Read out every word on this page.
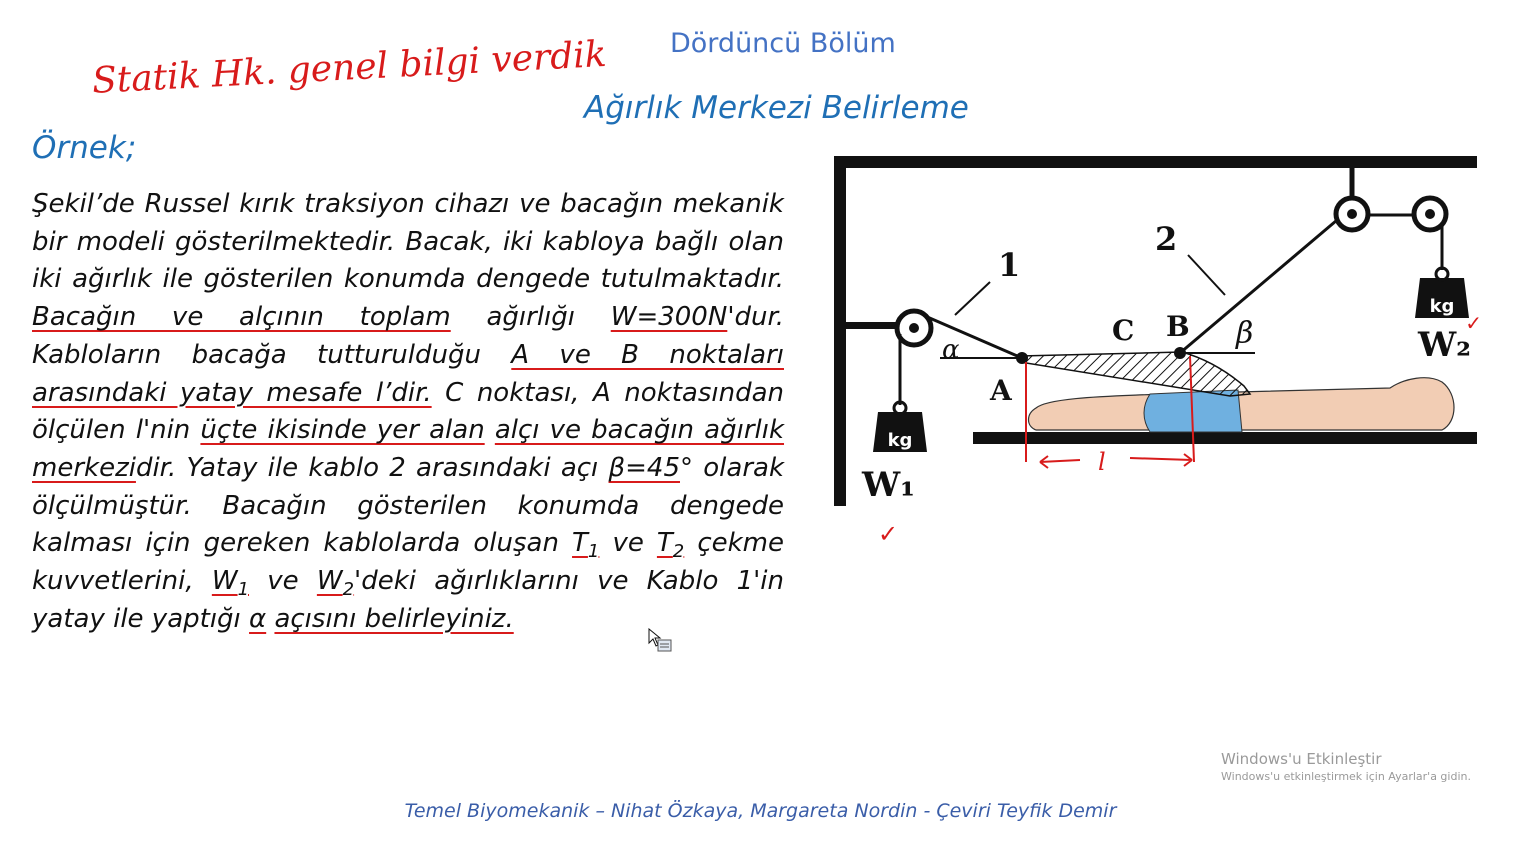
Dördüncü Bölüm
Ağırlık Merkezi Belirleme
Statik Hk. genel bilgi verdik
Örnek;

Şekil’de Russel kırık traksiyon cihazı ve bacağın mekanik bir modeli gösterilmektedir. Bacak, iki kabloya bağlı olan iki ağırlık ile gösterilen konumda dengede tutulmaktadır. Bacağın ve alçının toplam ağırlığı W=300N'dur. Kabloların bacağa tutturulduğu A ve B noktaları arasındaki yatay mesafe l’dir. C noktası, A noktasından ölçülen l'nin üçte ikisinde yer alan alçı ve bacağın ağırlık merkezidir. Yatay ile kablo 2 arasındaki açı β=45° olarak ölçülmüştür. Bacağın gösterilen konumda dengede kalması için gereken kablolarda oluşan $T_1$ ve $T_2$ çekme kuvvetlerini, $W_1$ ve $W_2'deki$ ağırlıklarını ve Kablo 1'in yatay ile yaptığı α açısını belirleyiniz.

kg
kg
1
2
A
C B
W₁
W₂
α	β
l
✓
✓
Windows'u Etkinleştir
Windows'u etkinleştirmek için Ayarlar'a gidin.
Temel Biyomekanik – Nihat Özkaya, Margareta Nordin - Çeviri Teyfik Demir
